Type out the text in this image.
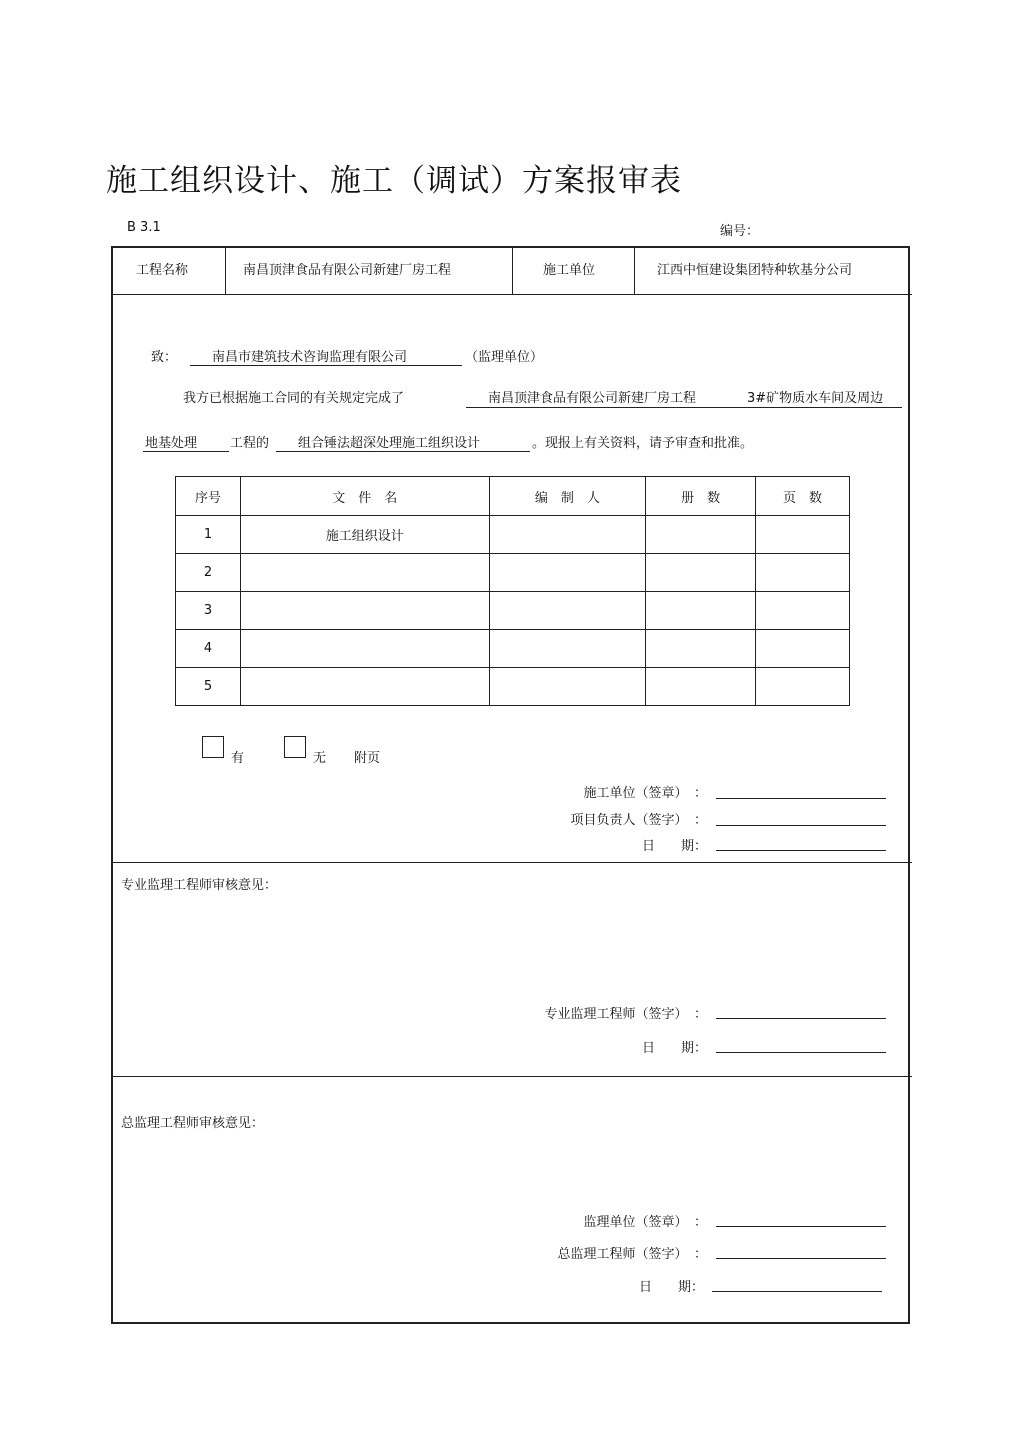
施工组织设计、施工（调试）方案报审表
B 3.1	编号：
工程名称	南昌顶津食品有限公司新建厂房工程	施工单位	江西中恒建设集团特种软基分公司
致：	南昌市建筑技术咨询监理有限公司	（监理单位）
我方已根据施工合同的有关规定完成了	南昌顶津食品有限公司新建厂房工程	3#矿物质水车间及周边
地基处理	工程的 组合锤法超深处理施工组织设计	。现报上有关资料，请予审查和批准。
序号	文　件　名	编　制　人	册　数	页　数
1	施工组织设计			
2				
3				
4				
5				
有	无 附页
施工单位（签章）　：
项目负责人（签字）　：
日　　期：
专业监理工程师审核意见：
专业监理工程师（签字）　：
日　　期：
总监理工程师审核意见：
监理单位（签章）　：
总监理工程师（签字）　：
日　　期：
